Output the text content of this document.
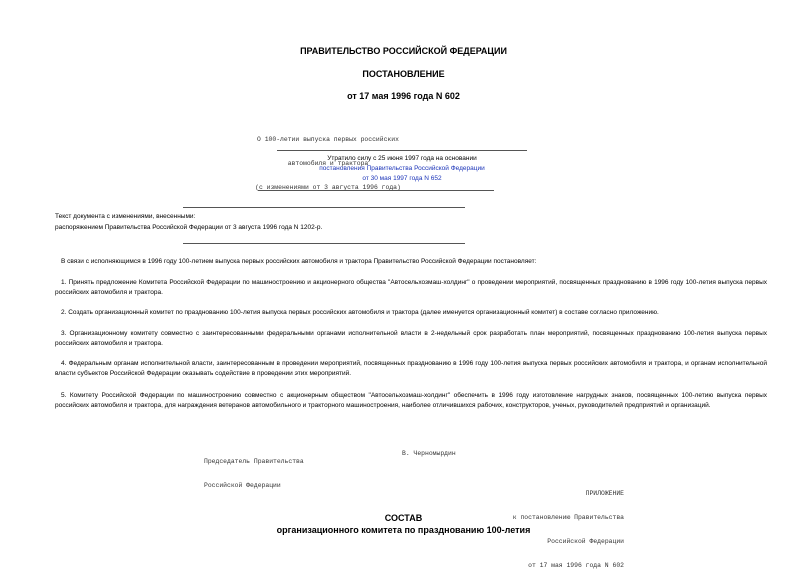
ПРАВИТЕЛЬСТВО РОССИЙСКОЙ ФЕДЕРАЦИИ
ПОСТАНОВЛЕНИЕ
от 17 мая 1996 года N 602

О 100-летии выпуска первых российских

автомобиля и трактора

(с изменениями от 3 августа 1996 года)

Утратило силу с 25 июня 1997 года на основании
постановления Правительства Российской Федерации
от 30 мая 1997 года N 652
Текст документа с изменениями, внесенными:
распоряжением Правительства Российской Федерации от 3 августа 1996 года N 1202-р.
В связи с исполняющимся в 1996 году 100-летием выпуска первых российских автомобиля и трактора Правительство Российской Федерации постановляет:
1. Принять предложение Комитета Российской Федерации по машиностроению и акционерного общества "Автосельхозмаш-холдинг" о проведении мероприятий, посвященных празднованию в 1996 году 100-летия выпуска первых российских автомобиля и трактора.
2. Создать организационный комитет по празднованию 100-летия выпуска первых российских автомобиля и трактора (далее именуется организационный комитет) в составе согласно приложению.
3. Организационному комитету совместно с заинтересованными федеральными органами исполнительной власти в 2-недельный срок разработать план мероприятий, посвященных празднованию 100-летия выпуска первых российских автомобиля и трактора.
4. Федеральным органам исполнительной власти, заинтересованным в проведении мероприятий, посвященных празднованию в 1996 году 100-летия выпуска первых российских автомобиля и трактора, и органам исполнительной власти субъектов Российской Федерации оказывать содействие в проведении этих мероприятий.
5. Комитету Российской Федерации по машиностроению совместно с акционерным обществом "Автосельхозмаш-холдинг" обеспечить в 1996 году изготовление нагрудных знаков, посвященных 100-летию выпуска первых российских автомобиля и трактора, для награждения ветеранов автомобильного и тракторного машиностроения, наиболее отличившихся рабочих, конструкторов, ученых, руководителей предприятий и организаций.

Председатель Правительства

Российской Федерации

В. Черномырдин

ПРИЛОЖЕНИЕ

к постановлению Правительства

Российской Федерации

от 17 мая 1996 года N 602

СОСТАВ
организационного комитета по празднованию 100-летия
